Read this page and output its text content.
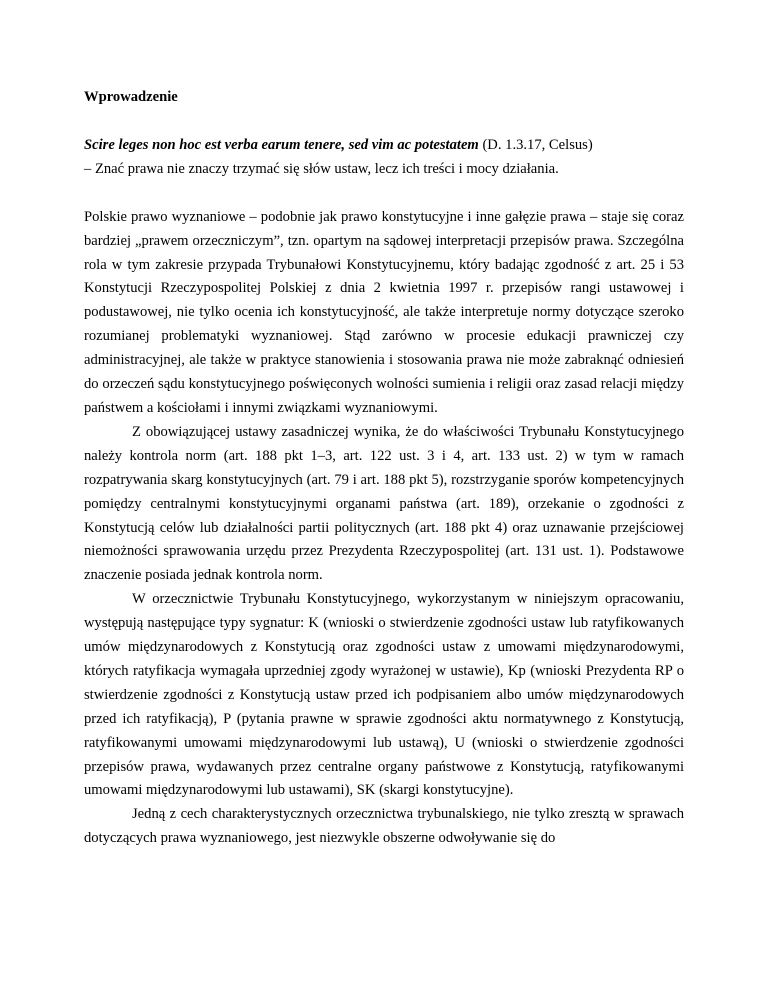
Wprowadzenie

Scire leges non hoc est verba earum tenere, sed vim ac potestatem (D. 1.3.17, Celsus)

– Znać prawa nie znaczy trzymać się słów ustaw, lecz ich treści i mocy działania.

Polskie prawo wyznaniowe – podobnie jak prawo konstytucyjne i inne gałęzie prawa – staje się coraz bardziej „prawem orzeczniczym”, tzn. opartym na sądowej interpretacji przepisów prawa. Szczególna rola w tym zakresie przypada Trybunałowi Konstytucyjnemu, który badając zgodność z art. 25 i 53 Konstytucji Rzeczypospolitej Polskiej z dnia 2 kwietnia 1997 r. przepisów rangi ustawowej i podustawowej, nie tylko ocenia ich konstytucyjność, ale także interpretuje normy dotyczące szeroko rozumianej problematyki wyznaniowej. Stąd zarówno w procesie edukacji prawniczej czy administracyjnej, ale także w praktyce stanowienia i stosowania prawa nie może zabraknąć odniesień do orzeczeń sądu konstytucyjnego poświęconych wolności sumienia i religii oraz zasad relacji między państwem a kościołami i innymi związkami wyznaniowymi.

Z obowiązującej ustawy zasadniczej wynika, że do właściwości Trybunału Konstytucyjnego należy kontrola norm (art. 188 pkt 1–3, art. 122 ust. 3 i 4, art. 133 ust. 2) w tym w ramach rozpatrywania skarg konstytucyjnych (art. 79 i art. 188 pkt 5), rozstrzyganie sporów kompetencyjnych pomiędzy centralnymi konstytucyjnymi organami państwa (art. 189), orzekanie o zgodności z Konstytucją celów lub działalności partii politycznych (art. 188 pkt 4) oraz uznawanie przejściowej niemożności sprawowania urzędu przez Prezydenta Rzeczypospolitej (art. 131 ust. 1). Podstawowe znaczenie posiada jednak kontrola norm.

W orzecznictwie Trybunału Konstytucyjnego, wykorzystanym w niniejszym opracowaniu, występują następujące typy sygnatur: K (wnioski o stwierdzenie zgodności ustaw lub ratyfikowanych umów międzynarodowych z Konstytucją oraz zgodności ustaw z umowami międzynarodowymi, których ratyfikacja wymagała uprzedniej zgody wyrażonej w ustawie), Kp (wnioski Prezydenta RP o stwierdzenie zgodności z Konstytucją ustaw przed ich podpisaniem albo umów międzynarodowych przed ich ratyfikacją), P (pytania prawne w sprawie zgodności aktu normatywnego z Konstytucją, ratyfikowanymi umowami międzynarodowymi lub ustawą), U (wnioski o stwierdzenie zgodności przepisów prawa, wydawanych przez centralne organy państwowe z Konstytucją, ratyfikowanymi umowami międzynarodowymi lub ustawami), SK (skargi konstytucyjne).

Jedną z cech charakterystycznych orzecznictwa trybunalskiego, nie tylko zresztą w sprawach dotyczących prawa wyznaniowego, jest niezwykle obszerne odwoływanie się do
